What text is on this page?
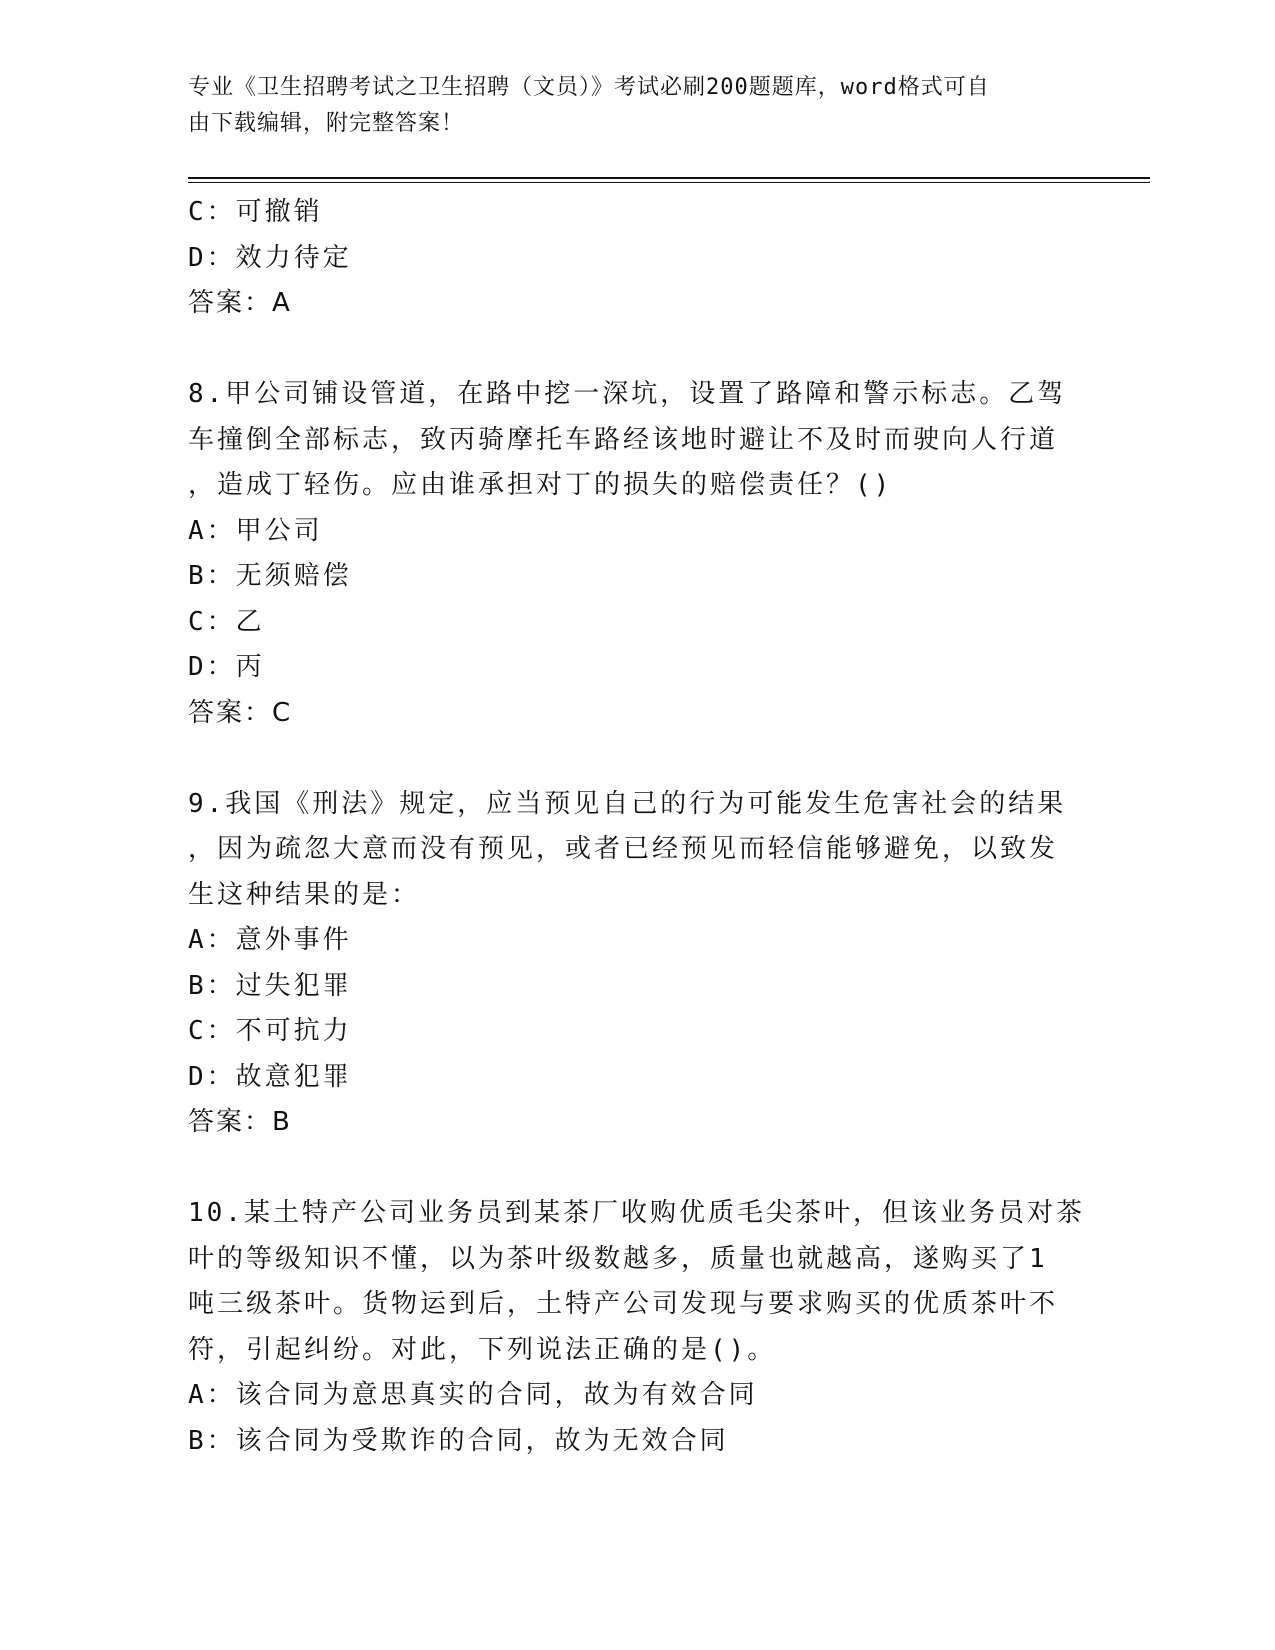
专业《卫生招聘考试之卫生招聘（文员）》考试必刷200题题库，word格式可自
由下载编辑，附完整答案！
C：可撤销
D：效力待定
答案：A
8.甲公司铺设管道，在路中挖一深坑，设置了路障和警示标志。乙驾
车撞倒全部标志，致丙骑摩托车路经该地时避让不及时而驶向人行道
，造成丁轻伤。应由谁承担对丁的损失的赔偿责任？()
A：甲公司
B：无须赔偿
C：乙
D：丙
答案：C
9.我国《刑法》规定，应当预见自己的行为可能发生危害社会的结果
，因为疏忽大意而没有预见，或者已经预见而轻信能够避免，以致发
生这种结果的是：
A：意外事件
B：过失犯罪
C：不可抗力
D：故意犯罪
答案：B
10.某土特产公司业务员到某茶厂收购优质毛尖茶叶，但该业务员对茶
叶的等级知识不懂，以为茶叶级数越多，质量也就越高，遂购买了1
吨三级茶叶。货物运到后，土特产公司发现与要求购买的优质茶叶不
符，引起纠纷。对此，下列说法正确的是()。
A：该合同为意思真实的合同，故为有效合同
B：该合同为受欺诈的合同，故为无效合同
